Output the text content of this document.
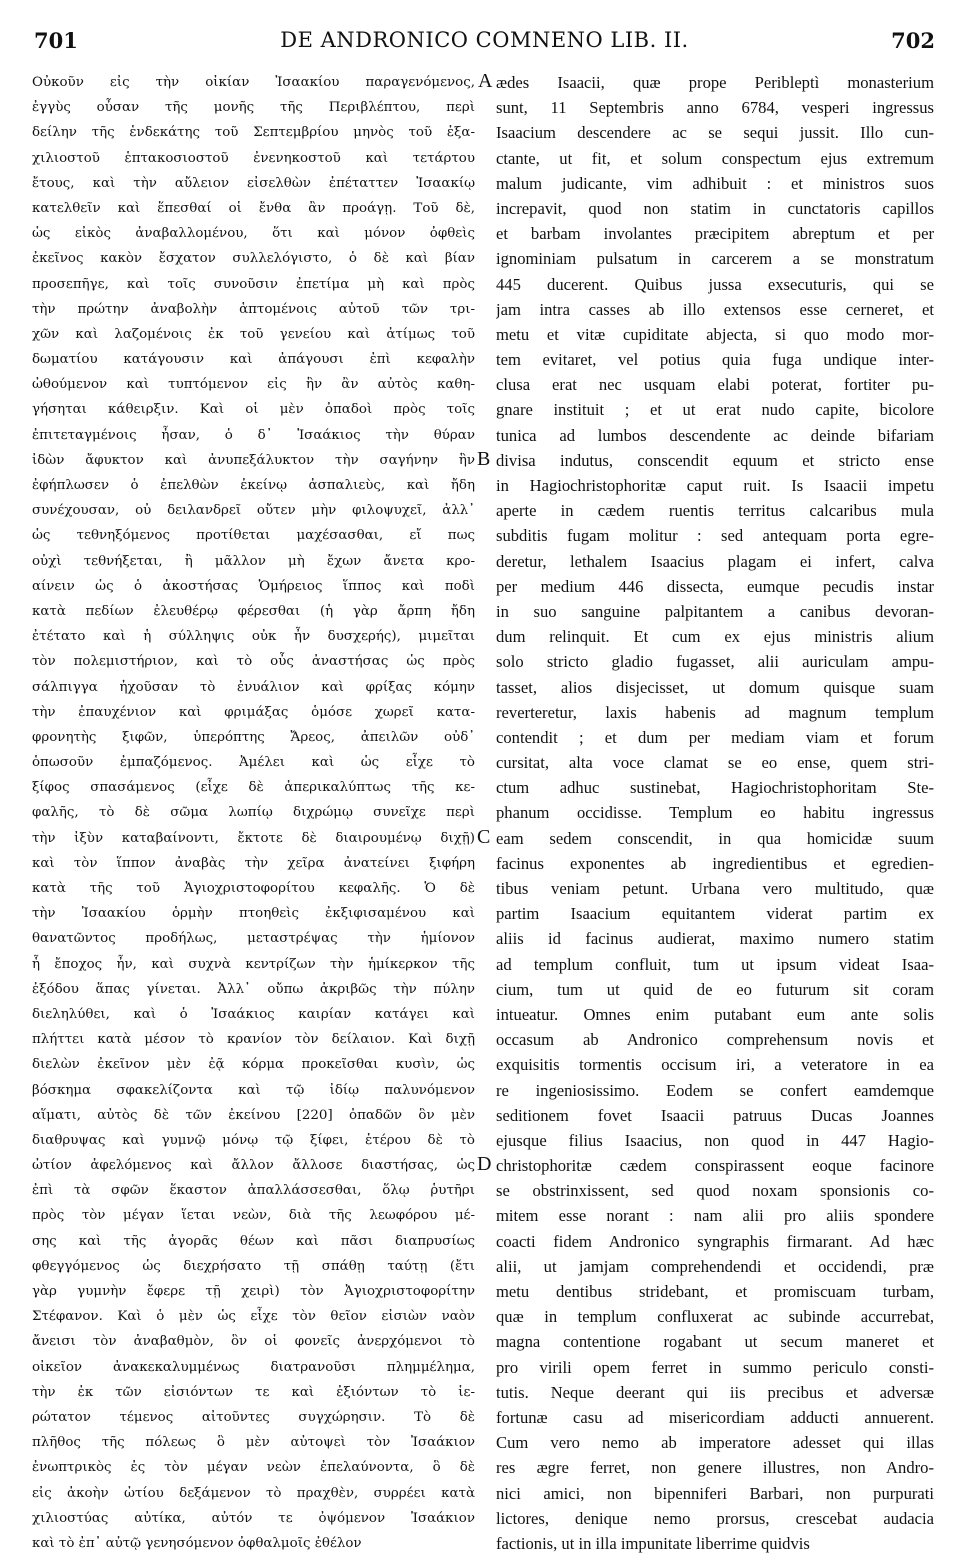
701	DE ANDRONICO COMNENO LIB. II.	702
A
B
C
D
Οὐκοῦν εἰς τὴν οἰκίαν Ἰσαακίου παραγενόμενος,
ἐγγὺς οὖσαν τῆς μονῆς τῆς Περιβλέπτου, περὶ
δείλην τῆς ἑνδεκάτης τοῦ Σεπτεμβρίου μηνὸς τοῦ ἑξα-
χιλιοστοῦ ἑπτακοσιοστοῦ ἐνενηκοστοῦ καὶ τετάρτου
ἔτους, καὶ τὴν αὔλειον εἰσελθὼν ἐπέταττεν Ἰσαακίῳ
κατελθεῖν καὶ ἕπεσθαί οἱ ἔνθα ἂν προάγῃ. Τοῦ δὲ,
ὡς εἰκὸς ἀναβαλλομένου, ὅτι καὶ μόνον ὀφθεὶς
ἐκεῖνος κακὸν ἔσχατον συλλελόγιστο, ὁ δὲ καὶ βίαν
προσεπῆγε, καὶ τοῖς συνοῦσιν ἐπετίμα μὴ καὶ πρὸς
τὴν πρώτην ἀναβολὴν ἁπτομένοις αὐτοῦ τῶν τρι-
χῶν καὶ λαζομένοις ἐκ τοῦ γενείου καὶ ἀτίμως τοῦ
δωματίου κατάγουσιν καὶ ἀπάγουσι ἐπὶ κεφαλὴν
ὠθούμενον καὶ τυπτόμενον εἰς ἣν ἂν αὐτὸς καθη-
γήσηται κάθειρξιν. Καὶ οἱ μὲν ὀπαδοὶ πρὸς τοῖς
ἐπιτεταγμένοις ἦσαν, ὁ δ᾽ Ἰσαάκιος τὴν θύραν
ἰδὼν ἄφυκτον καὶ ἀνυπεξάλυκτον τὴν σαγήνην ἣν
ἐφήπλωσεν ὁ ἐπελθὼν ἐκείνῳ ἀσπαλιεὺς, καὶ ἤδη
συνέχουσαν, οὐ δειλανδρεῖ οὔτεν μὴν φιλοψυχεῖ, ἀλλ᾽
ὡς τεθνηξόμενος προτίθεται μαχέσασθαι, εἴ πως
οὐχὶ τεθνήξεται, ἢ μᾶλλον μὴ ἔχων ἄνετα κρο-
αίνειν ὡς ὁ ἀκοστήσας Ὁμήρειος ἵππος καὶ ποδὶ
κατὰ πεδίων ἐλευθέρῳ φέρεσθαι (ἡ γὰρ ἄρπη ἤδη
ἐτέτατο καὶ ἡ σύλληψις οὐκ ἦν δυσχερής), μιμεῖται
τὸν πολεμιστήριον, καὶ τὸ οὖς ἀναστήσας ὡς πρὸς
σάλπιγγα ἠχοῦσαν τὸ ἐνυάλιον καὶ φρίξας κόμην
τὴν ἐπαυχένιον καὶ φριμάξας ὁμόσε χωρεῖ κατα-
φρονητὴς ξιφῶν, ὑπερόπτης Ἄρεος, ἀπειλῶν οὐδ᾽
ὁπωσοῦν ἐμπαζόμενος. Ἀμέλει καὶ ὡς εἶχε τὸ
ξίφος σπασάμενος (εἶχε δὲ ἀπερικαλύπτως τῆς κε-
φαλῆς, τὸ δὲ σῶμα λωπίῳ διχρώμῳ συνεῖχε περὶ
τὴν ἰξὺν καταβαίνοντι, ἔκτοτε δὲ διαιρουμένῳ διχῇ)
καὶ τὸν ἵππον ἀναβὰς τὴν χεῖρα ἀνατείνει ξιφήρη
κατὰ τῆς τοῦ Ἀγιοχριστοφορίτου κεφαλῆς. Ὁ δὲ
τὴν Ἰσαακίου ὁρμὴν πτοηθεὶς ἐκξιφισαμένου καὶ
θανατῶντος προδήλως, μεταστρέψας τὴν ἡμίονον
ἧ ἔποχος ἦν, καὶ συχνὰ κεντρίζων τὴν ἡμίκερκον τῆς
ἐξόδου ἅπας γίνεται. Ἀλλ᾽ οὔπω ἀκριβῶς τὴν πύλην
διεληλύθει, καὶ ὁ Ἰσαάκιος καιρίαν κατάγει καὶ
πλήττει κατὰ μέσον τὸ κρανίον τὸν δείλαιον. Καὶ διχῇ
διελὼν ἐκεῖνον μὲν ἐᾷ κόρμα προκεῖσθαι κυσὶν, ὡς
βόσκημα σφακελίζοντα καὶ τῷ ἰδίῳ παλυνόμενον
αἵματι, αὐτὸς δὲ τῶν ἐκείνου [220] ὀπαδῶν ὃν μὲν
διαθρυψας καὶ γυμνῷ μόνῳ τῷ ξίφει, ἑτέρου δὲ τὸ
ὠτίον ἀφελόμενος καὶ ἄλλον ἄλλοσε διαστήσας, ὡς
ἐπὶ τὰ σφῶν ἕκαστον ἀπαλλάσσεσθαι, ὅλῳ ῥυτῆρι
πρὸς τὸν μέγαν ἵεται νεὼν, διὰ τῆς λεωφόρου μέ-
σης καὶ τῆς ἀγορᾶς θέων καὶ πᾶσι διαπρυσίως
φθεγγόμενος ὡς διεχρήσατο τῇ σπάθῃ ταύτῃ (ἔτι
γὰρ γυμνὴν ἔφερε τῇ χειρὶ) τὸν Ἀγιοχριστοφορίτην
Στέφανον. Καὶ ὁ μὲν ὡς εἶχε τὸν θεῖον εἰσιὼν ναὸν
ἄνεισι τὸν ἀναβαθμὸν, ὃν οἱ φονεῖς ἀνερχόμενοι τὸ
οἰκεῖον ἀνακεκαλυμμένως διατρανοῦσι πλημμέλημα,
τὴν ἐκ τῶν εἰσιόντων τε καὶ ἐξιόντων τὸ ἱε-
ρώτατον τέμενος αἰτοῦντες συγχώρησιν. Τὸ δὲ
πλῆθος τῆς πόλεως ὃ μὲν αὐτοψεὶ τὸν Ἰσαάκιον
ἐνωπτρικὸς ἐς τὸν μέγαν νεὼν ἐπελαύνοντα, ὃ δὲ
εἰς ἀκοὴν ὠτίου δεξάμενον τὸ πραχθὲν, συρρέει κατὰ
χιλιοστύας αὐτίκα, αὐτόν τε ὀψόμενον Ἰσαάκιον
καὶ τὸ ἐπ᾽ αὐτῷ γενησόμενον ὀφθαλμοῖς ἐθέλον
ædes Isaacii, quæ prope Peribleptì monasterium
sunt, 11 Septembris anno 6784, vesperi ingressus
Isaacium descendere ac se sequi jussit. Illo cun-
ctante, ut fit, et solum conspectum ejus extremum
malum judicante, vim adhibuit : et ministros suos
increpavit, quod non statim in cunctatoris capillos
et barbam involantes præcipitem abreptum et per
ignominiam pulsatum in carcerem a se monstratum
445 ducerent. Quibus jussa exsecuturis, qui se
jam intra casses ab illo extensos esse cerneret, et
metu et vitæ cupiditate abjecta, si quo modo mor-
tem evitaret, vel potius quia fuga undique inter-
clusa erat nec usquam elabi poterat, fortiter pu-
gnare instituit ; et ut erat nudo capite, bicolore
tunica ad lumbos descendente ac deinde bifariam
divisa indutus, conscendit equum et stricto ense
in Hagiochristophoritæ caput ruit. Is Isaacii impetu
aperte in cædem ruentis territus calcaribus mula
subditis fugam molitur : sed antequam porta egre-
deretur, lethalem Isaacius plagam ei infert, calva
per medium 446 dissecta, eumque pecudis instar
in suo sanguine palpitantem a canibus devoran-
dum relinquit. Et cum ex ejus ministris alium
solo stricto gladio fugasset, alii auriculam ampu-
tasset, alios disjecisset, ut domum quisque suam
reverteretur, laxis habenis ad magnum templum
contendit ; et dum per mediam viam et forum
cursitat, alta voce clamat se eo ense, quem stri-
ctum adhuc sustinebat, Hagiochristophoritam Ste-
phanum occidisse. Templum eo habitu ingressus
eam sedem conscendit, in qua homicidæ suum
facinus exponentes ab ingredientibus et egredien-
tibus veniam petunt. Urbana vero multitudo, quæ
partim Isaacium equitantem viderat partim ex
aliis id facinus audierat, maximo numero statim
ad templum confluit, tum ut ipsum videat Isaa-
cium, tum ut quid de eo futurum sit coram
intueatur. Omnes enim putabant eum ante solis
occasum ab Andronico comprehensum novis et
exquisitis tormentis occisum iri, a veteratore in ea
re ingeniosissimo. Eodem se confert eamdemque
seditionem fovet Isaacii patruus Ducas Joannes
ejusque filius Isaacius, non quod in 447 Hagio-
christophoritæ cædem conspirassent eoque facinore
se obstrinxissent, sed quod noxam sponsionis co-
mitem esse norant : nam alii pro aliis spondere
coacti fidem Andronico syngraphis firmarant. Ad hæc
alii, ut jamjam comprehendendi et occidendi, præ
metu dentibus stridebant, et promiscuam turbam,
quæ in templum confluxerat ac subinde accurrebat,
magna contentione rogabant ut secum maneret et
pro virili opem ferret in summo periculo consti-
tutis. Neque deerant qui iis precibus et adversæ
fortunæ casu ad misericordiam adducti annuerent.
Cum vero nemo ab imperatore adesset qui illas
res ægre ferret, non genere illustres, non Andro-
nici amici, non bipenniferi Barbari, non purpurati
lictores, denique nemo prorsus, crescebat audacia
factionis, ut in illa impunitate liberrime quidvis
